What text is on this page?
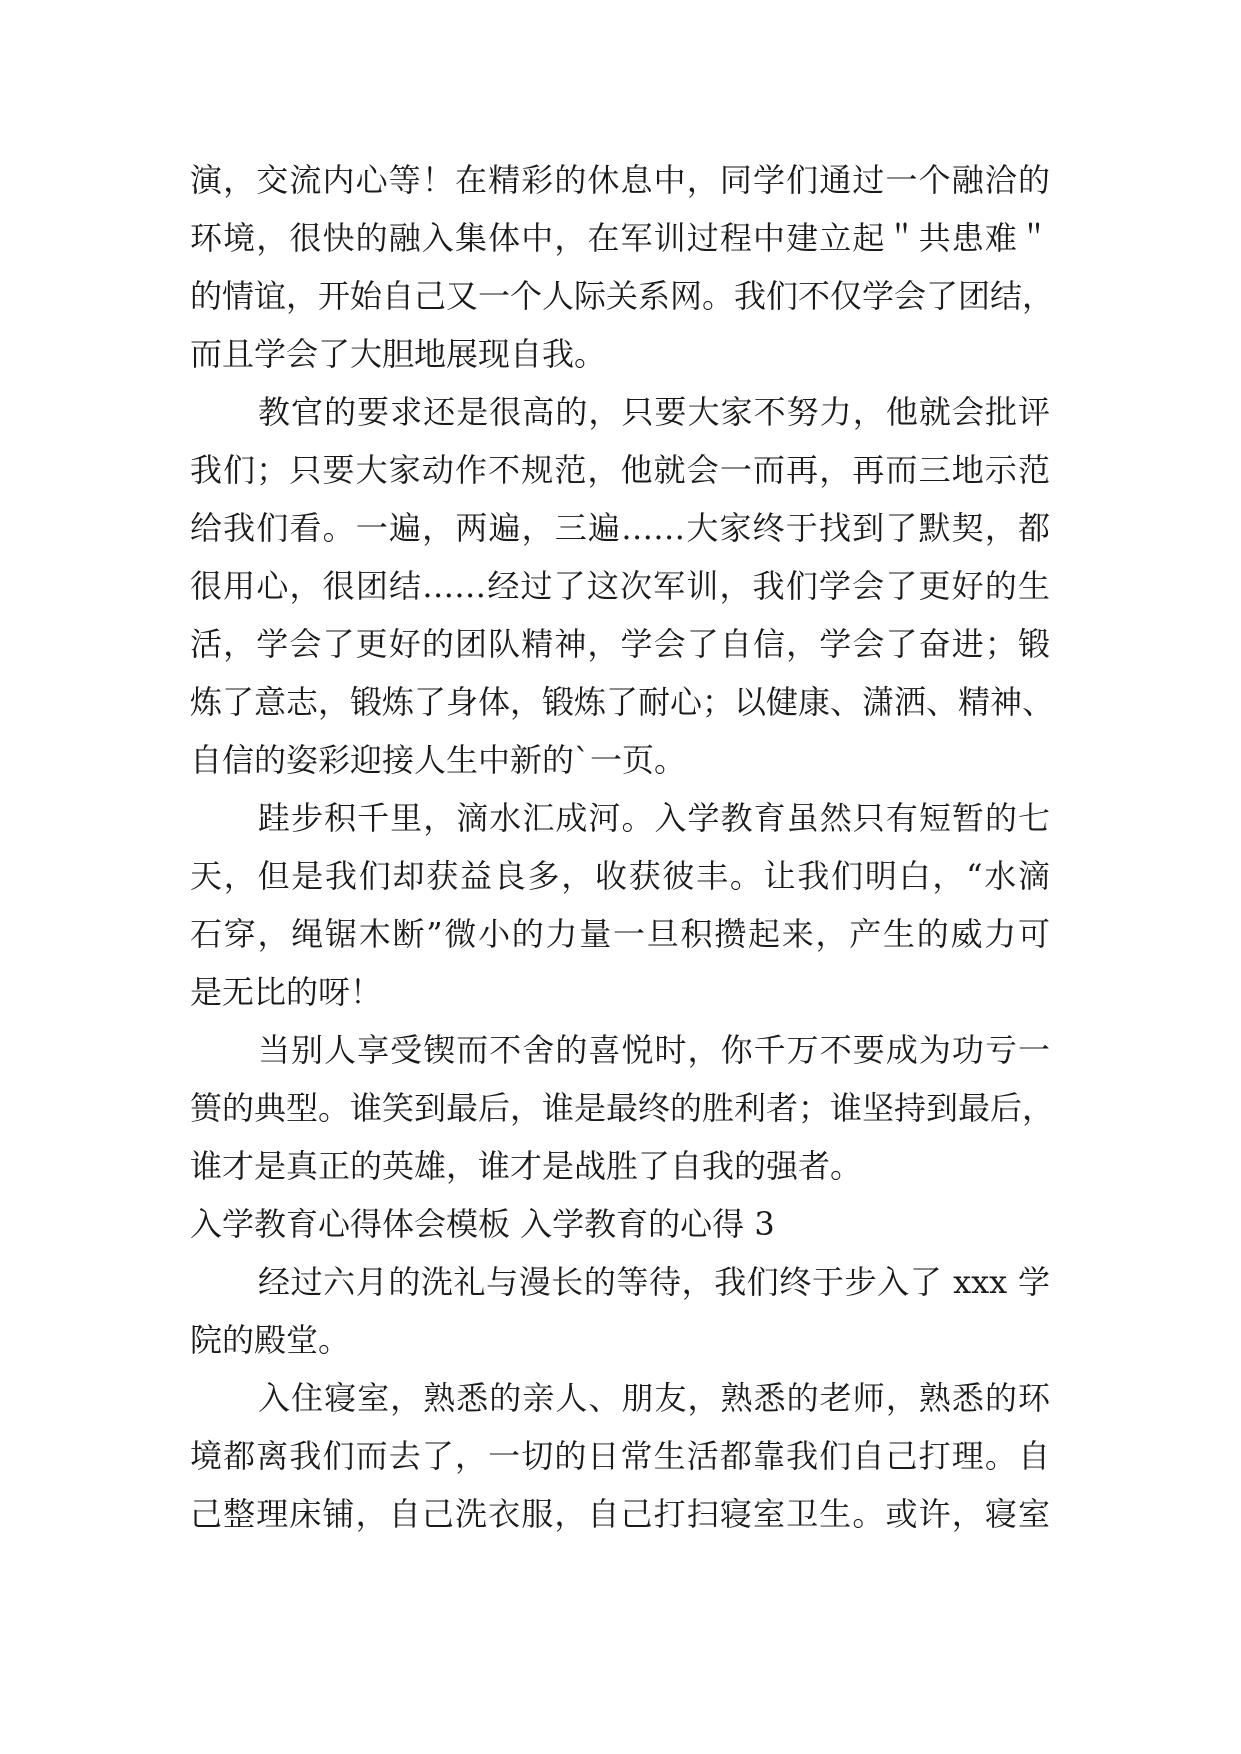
演，交流内心等！在精彩的休息中，同学们通过一个融洽的
环境，很快的融入集体中，在军训过程中建立起＂共患难＂
的情谊，开始自己又一个人际关系网。我们不仅学会了团结，
而且学会了大胆地展现自我。
教官的要求还是很高的，只要大家不努力，他就会批评
我们；只要大家动作不规范，他就会一而再，再而三地示范
给我们看。一遍，两遍，三遍……大家终于找到了默契，都
很用心，很团结……经过了这次军训，我们学会了更好的生
活，学会了更好的团队精神，学会了自信，学会了奋进；锻
炼了意志，锻炼了身体，锻炼了耐心；以健康、潇洒、精神、
自信的姿彩迎接人生中新的`一页。
跬步积千里，滴水汇成河。入学教育虽然只有短暂的七
天，但是我们却获益良多，收获彼丰。让我们明白，“水滴
石穿，绳锯木断”微小的力量一旦积攒起来，产生的威力可
是无比的呀！
当别人享受锲而不舍的喜悦时，你千万不要成为功亏一
篑的典型。谁笑到最后，谁是最终的胜利者；谁坚持到最后，
谁才是真正的英雄，谁才是战胜了自我的强者。
入学教育心得体会模板 入学教育的心得 3
经过六月的洗礼与漫长的等待，我们终于步入了 xxx 学
院的殿堂。
入住寝室，熟悉的亲人、朋友，熟悉的老师，熟悉的环
境都离我们而去了，一切的日常生活都靠我们自己打理。自
己整理床铺，自己洗衣服，自己打扫寝室卫生。或许，寝室
